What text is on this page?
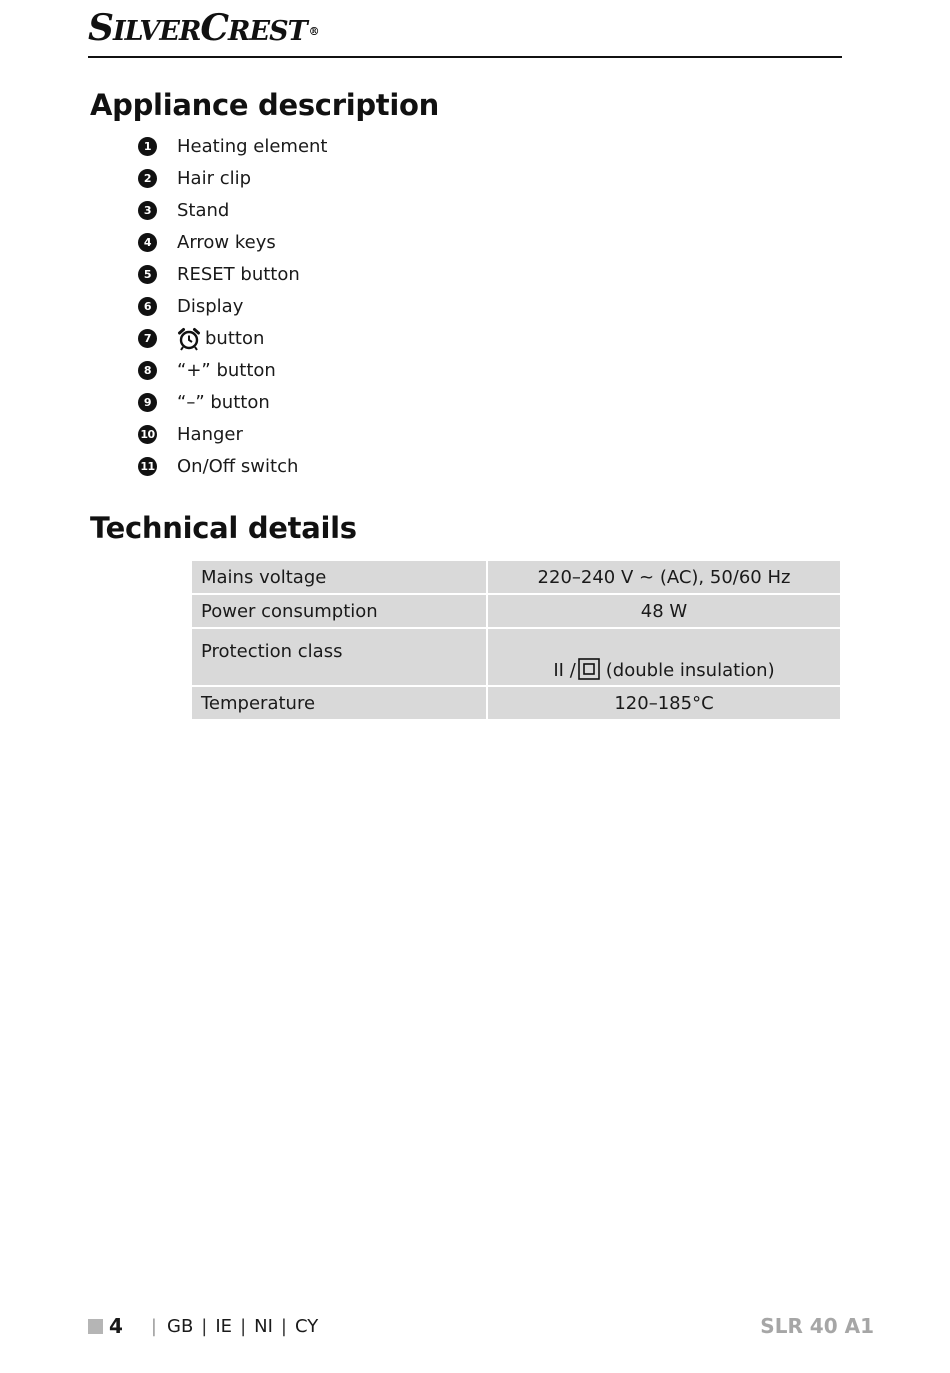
SILVERCREST ®
Appliance description
1	Heating element
2	Hair clip
3	Stand
4	Arrow keys
5	RESET button
6	Display
7	button
8	“+” button
9	“–” button
10 Hanger
11 On/Off switch
Technical details
Mains voltage	220–240 V ~ (AC), 50/60 Hz
Power consumption	48 W
Protection class	II / (double insulation)
Temperature	120–185°C
4 | GB | IE | NI | CY	SLR 40 A1
